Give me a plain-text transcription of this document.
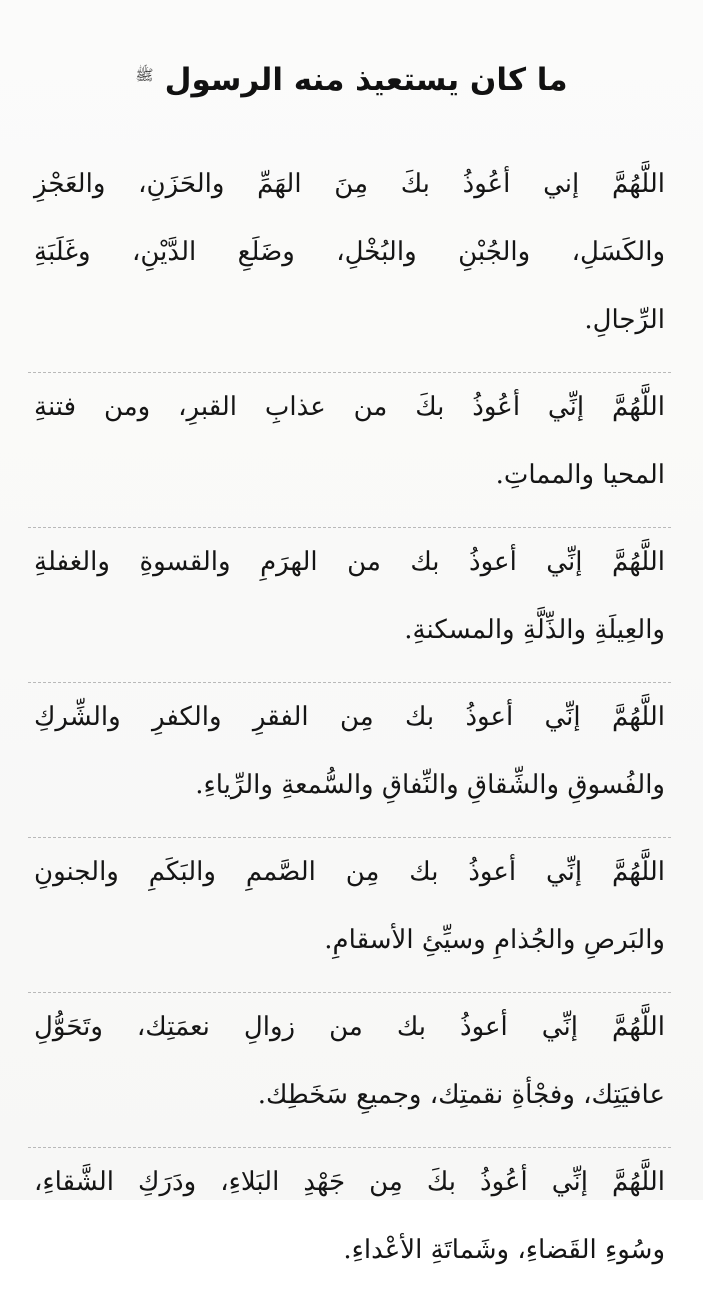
ما كان يستعيذ منه الرسول ﷺ
اللَّهُمَّ إني أعُوذُ بكَ مِنَ الهَمِّ والحَزَنِ، والعَجْزِ
والكَسَلِ، والجُبْنِ والبُخْلِ، وضَلَعِ الدَّيْنِ، وغَلَبَةِ
الرِّجالِ.
اللَّهُمَّ إنِّي أعُوذُ بكَ من عذابِ القبرِ، ومن فتنةِ
المحيا والمماتِ.
اللَّهُمَّ إنِّي أعوذُ بك من الهرَمِ والقسوةِ والغفلةِ
والعِيلَةِ والذِّلَّةِ والمسكنةِ.
اللَّهُمَّ إنِّي أعوذُ بك مِن الفقرِ والكفرِ والشِّركِ
والفُسوقِ والشِّقاقِ والنِّفاقِ والسُّمعةِ والرِّياءِ.
اللَّهُمَّ إنِّي أعوذُ بك مِن الصَّممِ والبَكَمِ والجنونِ
والبَرصِ والجُذامِ وسيِّئِ الأسقامِ.
اللَّهُمَّ إنِّي أعوذُ بك من زوالِ نعمَتِك، وتَحَوُّلِ
عافيَتِك، وفجْأةِ نقمتِك، وجميعِ سَخَطِك.
اللَّهُمَّ إنِّي أعُوذُ بكَ مِن جَهْدِ البَلاءِ، ودَرَكِ الشَّقاءِ،
وسُوءِ القَضاءِ، وشَماتَةِ الأعْداءِ.
